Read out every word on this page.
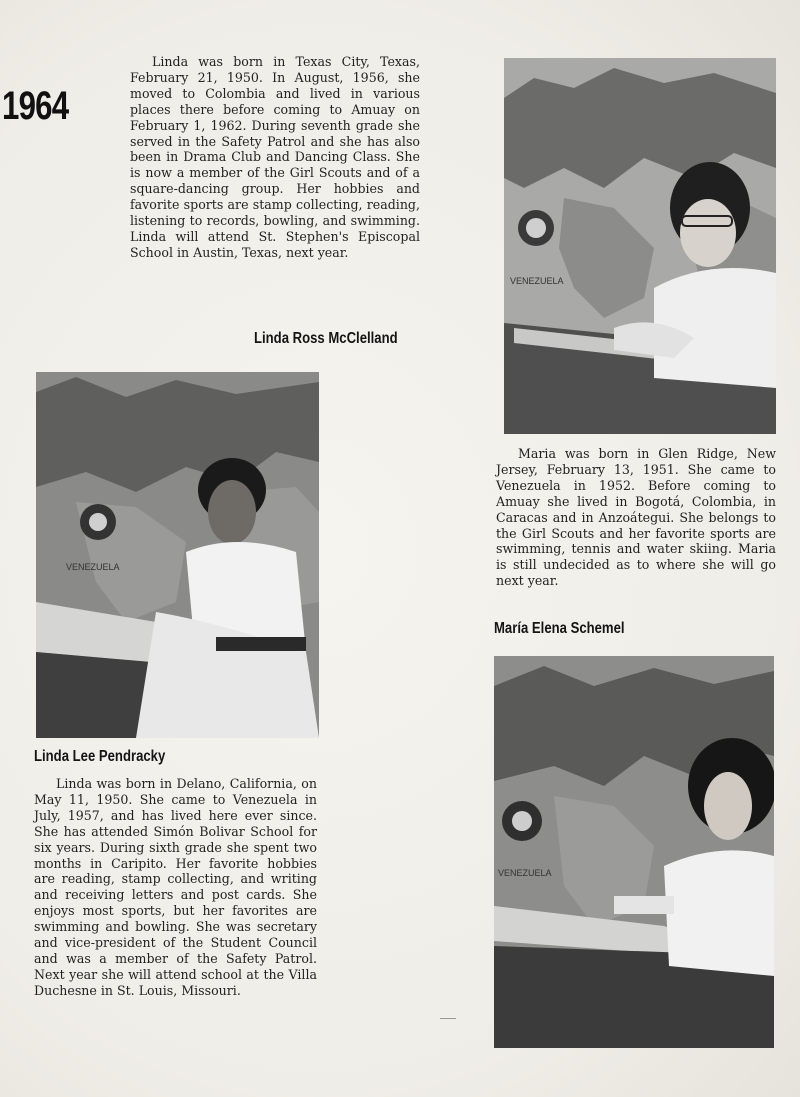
1964

Linda was born in Texas City, Texas, February 21, 1950. In August, 1956, she moved to Colombia and lived in various places there before coming to Amuay on February 1, 1962. During seventh grade she served in the Safety Patrol and she has also been in Drama Club and Dancing Class. She is now a member of the Girl Scouts and of a square-dancing group. Her hobbies and favorite sports are stamp collecting, reading, listening to records, bowling, and swimming. Linda will attend St. Stephen's Episcopal School in Austin, Texas, next year.

Linda Ross McClelland
VENEZUELA
VENEZUELA
Linda Lee Pendracky

Linda was born in Delano, California, on May 11, 1950. She came to Venezuela in July, 1957, and has lived here ever since. She has attended Simón Bolivar School for six years. During sixth grade she spent two months in Caripito. Her favorite hobbies are reading, stamp collecting, and writing and receiving letters and post cards. She enjoys most sports, but her favorites are swimming and bowling. She was secretary and vice-president of the Student Council and was a member of the Safety Patrol. Next year she will attend school at the Villa Duchesne in St. Louis, Missouri.

Maria was born in Glen Ridge, New Jersey, February 13, 1951. She came to Venezuela in 1952. Before coming to Amuay she lived in Bogotá, Colombia, in Caracas and in Anzoátegui. She belongs to the Girl Scouts and her favorite sports are swimming, tennis and water skiing. Maria is still undecided as to where she will go next year.

María Elena Schemel
VENEZUELA
